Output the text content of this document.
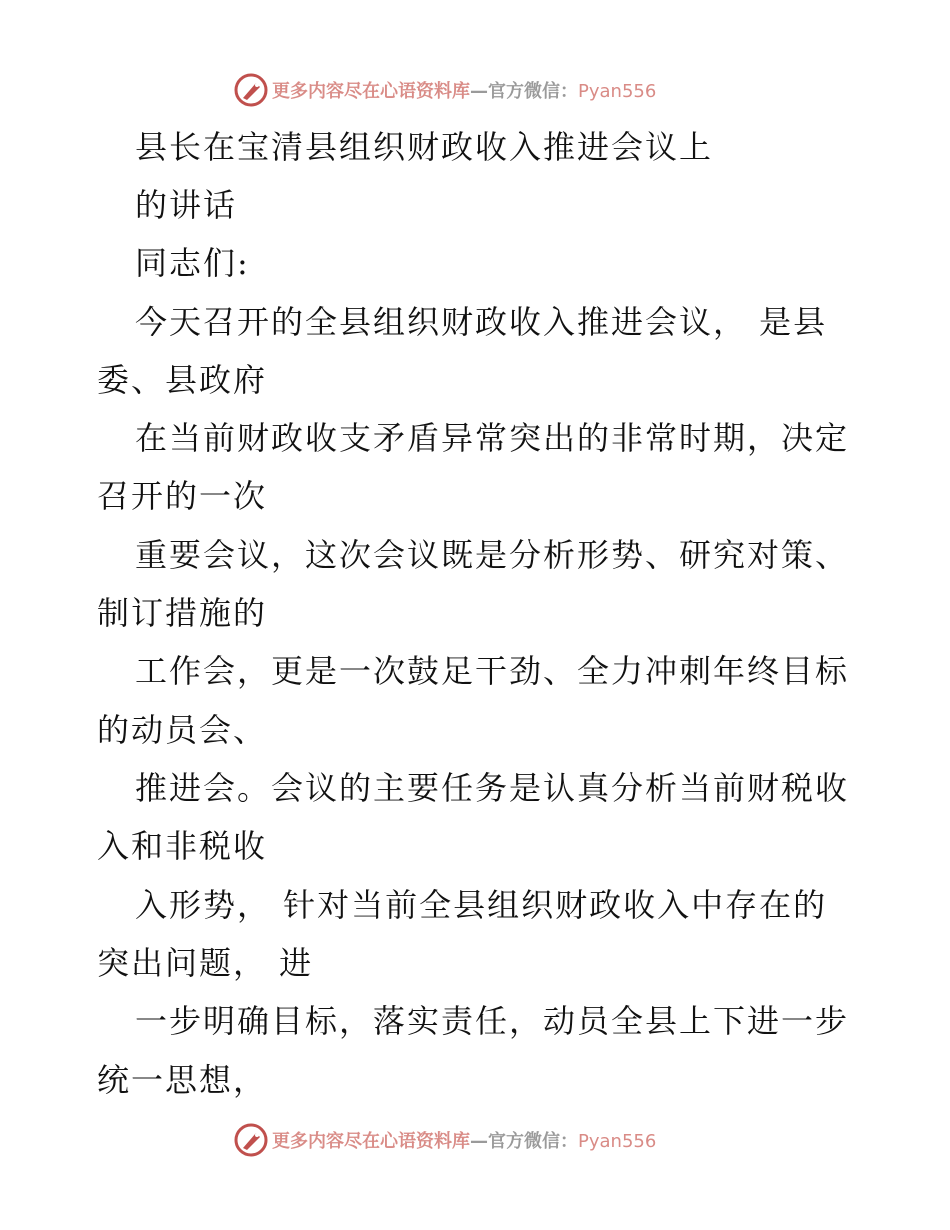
更多内容尽在心语资料库—官方微信：Pyan556
县长在宝清县组织财政收入推进会议上
的讲话
同志们:
今天召开的全县组织财政收入推进会议， 是县
委、县政府
在当前财政收支矛盾异常突出的非常时期，决定
召开的一次
重要会议，这次会议既是分析形势、研究对策、
制订措施的
工作会，更是一次鼓足干劲、全力冲刺年终目标
的动员会、
推进会。会议的主要任务是认真分析当前财税收
入和非税收
入形势， 针对当前全县组织财政收入中存在的
突出问题， 进
一步明确目标，落实责任，动员全县上下进一步
统一思想，
更多内容尽在心语资料库—官方微信：Pyan556
